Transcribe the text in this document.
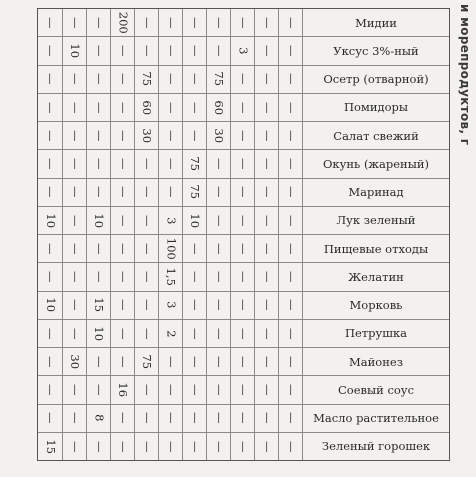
и морепродуктов, г
— — — 200 — — — — — — —	Мидии
— 10 — — — — — — 3 — —	Уксус 3%-ный
— — — — 75 — — 75 — — —	Осетр (отварной)
— — — — 60 — — 60 — — —	Помидоры
— — — — 30 — — 30 — — —	Салат свежий
— — — — — — 75 — — — —	Окунь (жареный)
— — — — — — 75 — — — —	Маринад
10 — 10 — — 3 10 — — — —	Лук зеленый
— — — — — 100 — — — — —	Пищевые отходы
— — — — — 1,5 — — — — —	Желатин
10 — 15 — — 3 — — — — —	Морковь
— — 10 — — 2 — — — — —	Петрушка
— 30 — — 75 — — — — — —	Майонез
— — — 16 — — — — — — —	Соевый соус
— — 8 — — — — — — — —	Масло растительное
15 — — — — — — — — — —	Зеленый горошек
